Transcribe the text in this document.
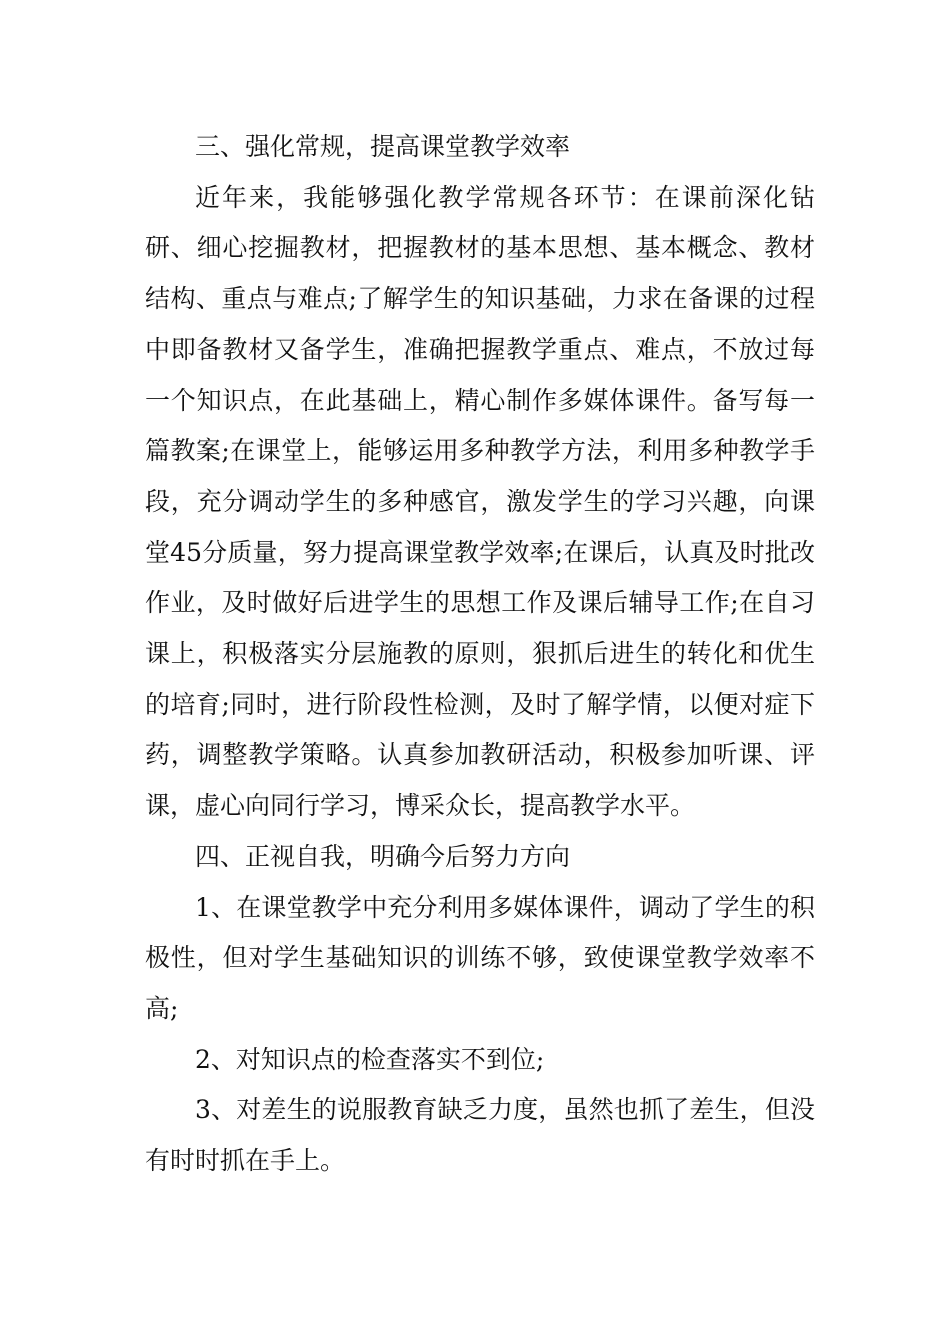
三、强化常规，提高课堂教学效率

近年来，我能够强化教学常规各环节：在课前深化钻研、细心挖掘教材，把握教材的基本思想、基本概念、教材结构、重点与难点;了解学生的知识基础，力求在备课的过程中即备教材又备学生，准确把握教学重点、难点，不放过每一个知识点，在此基础上，精心制作多媒体课件。备写每一篇教案;在课堂上，能够运用多种教学方法，利用多种教学手段，充分调动学生的多种感官，激发学生的学习兴趣，向课堂45分质量，努力提高课堂教学效率;在课后，认真及时批改作业，及时做好后进学生的思想工作及课后辅导工作;在自习课上，积极落实分层施教的原则，狠抓后进生的转化和优生的培育;同时，进行阶段性检测，及时了解学情，以便对症下药，调整教学策略。认真参加教研活动，积极参加听课、评课，虚心向同行学习，博采众长，提高教学水平。

四、正视自我，明确今后努力方向

1、在课堂教学中充分利用多媒体课件，调动了学生的积极性，但对学生基础知识的训练不够，致使课堂教学效率不高;

2、对知识点的检查落实不到位;

3、对差生的说服教育缺乏力度，虽然也抓了差生，但没有时时抓在手上。
